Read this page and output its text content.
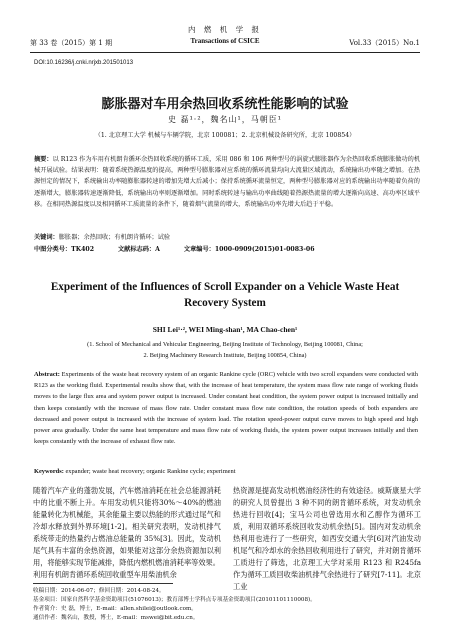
第 33 卷（2015）第 1 期
内 燃 机 学 报
Transactions of CSICE	Vol.33（2015）No.1
DOI:10.16236/j.cnki.nrjxb.201501013
膨胀器对车用余热回收系统性能影响的试验
史 磊¹·²，魏名山¹，马朝臣¹
（1. 北京理工大学 机械与车辆学院，北京 100081；2. 北京机械设备研究所，北京 100854）
摘要：以 R123 作为车用有机朗肯循环余热回收系统的循环工质，采用 086 和 106 两种型号的涡旋式膨胀器作为余热回收系统膨胀做功的机械开展试验。结果表明：随着系统热源温度的提高，两种型号膨胀器对应系统的循环流量均向大流量区域流动，系统输出功率随之增加。在热源恒定的情况下，系统输出功率随膨胀器转速的增加先增大后减小；保持系统循环流量恒定，两种型号膨胀器对应的系统输出功率随着负荷的逐渐增大，膨胀器转速逐渐降低，系统输出功率则逐渐增加。同时系统转速与输出功率曲线随着热源热流量的增大逐渐向高速、高功率区域平移。在相同热源温度以及相同循环工质流量的条件下，随着烟气流量的增大，系统输出功率先增大后趋于平稳。
关键词：膨胀器；余热回收；有机朗肯循环；试验
中图分类号：TK402	文献标志码：A	文章编号：1000-0909(2015)01-0083-06
Experiment of the Influences of Scroll Expander on a Vehicle Waste Heat Recovery System
SHI Lei¹·², WEI Ming-shan¹, MA Chao-chen¹
(1. School of Mechanical and Vehicular Engineering, Beijing Institute of Technology, Beijing 100081, China;
2. Beijing Machinery Research Institute, Beijing 100854, China)
Abstract: Experiments of the waste heat recovery system of an organic Rankine cycle (ORC) vehicle with two scroll expanders were conducted with R123 as the working fluid. Experimental results show that, with the increase of heat temperature, the system mass flow rate range of working fluids moves to the large flux area and system power output is increased. Under constant heat condition, the system power output is increased initially and then keeps constantly with the increase of mass flow rate. Under constant mass flow rate condition, the rotation speeds of both expanders are decreased and power output is increased with the increase of system load. The rotation speed-power output curve moves to high speed and high power area gradually. Under the same heat temperature and mass flow rate of working fluids, the system power output increases initially and then keeps constantly with the increase of exhaust flow rate.
Keywords: expander; waste heat recovery; organic Rankine cycle; experiment
随着汽车产业的蓬勃发展，汽车燃油消耗在社会总能源消耗中的比重不断上升。车用发动机只能将30%～40%的燃油能量转化为机械能，其余能量主要以热能的形式通过尾气和冷却水释放到外界环境[1-2]。相关研究表明，发动机排气系统带走的热量约占燃油总能量的 35%[3]。因此，发动机尾气具有丰富的余热资源，如果能对这部分余热资源加以利用，将能够实现节能减排，降低内燃机燃油消耗率等效果。
利用有机朗肯循环系统回收重型车用柴油机余
热资源是提高发动机燃油经济性的有效途径。威斯康星大学的研究人员曾提出 3 种不同的朗肯循环系统，对发动机余热进行回收[4]；宝马公司也曾选用水和乙醇作为循环工质，利用双循环系统回收发动机余热[5]。国内对发动机余热利用也进行了一些研究，如西安交通大学[6]对汽油发动机尾气和冷却水的余热回收利用进行了研究，并对朗肯循环工质进行了筛选，北京理工大学对采用 R123 和 R245fa 作为循环工质回收柴油机排气余热进行了研究[7-11]。北京工业
收稿日期：2014-06-07；修回日期：2014-08-24。
基金项目：国家自然科学基金资助项目(51076013)；教育部博士学科点专项基金资助项目(20101101110008)。
作者简介：史 磊，博士，E-mail：allen.shilei@outlook.com。
通信作者：魏名山，教授，博士，E-mail：mswei@bit.edu.cn。
